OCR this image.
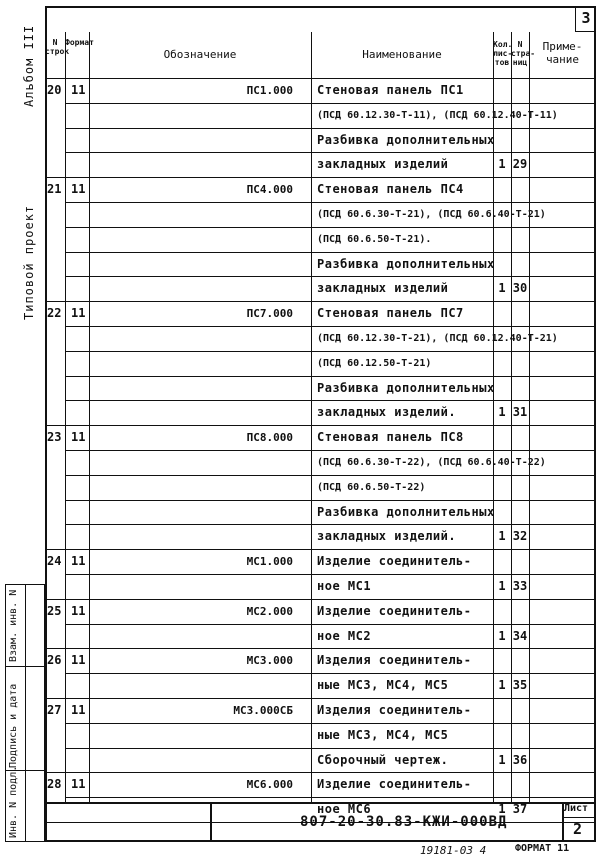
3
Альбом III
Типовой проект
Взам. инв. N
Подпись и дата
Инв. N подл.
N строк
Формат
Обозначение	Наименование
Кол. лис- тов
N стра- ниц
Приме- чание
20 11	ПС1.000 Стеновая панель ПС1
(ПСД 60.12.30-Т-11), (ПСД 60.12.40-Т-11)
Разбивка дополнительных
закладных изделий	1 29
21 11	ПС4.000 Стеновая панель ПС4
(ПСД 60.6.30-Т-21), (ПСД 60.6.40-Т-21)
(ПСД 60.6.50-Т-21).
Разбивка дополнительных
закладных изделий	1 30
22 11	ПС7.000 Стеновая панель ПС7
(ПСД 60.12.30-Т-21), (ПСД 60.12.40-Т-21)
(ПСД 60.12.50-Т-21)
Разбивка дополнительных
закладных изделий.	1 31
23 11	ПС8.000 Стеновая панель ПС8
(ПСД 60.6.30-Т-22), (ПСД 60.6.40-Т-22)
(ПСД 60.6.50-Т-22)
Разбивка дополнительных
закладных изделий.	1 32
24 11	МС1.000 Изделие соединитель-
ное МС1	1 33
25 11	МС2.000 Изделие соединитель-
ное МС2	1 34
26 11	МС3.000 Изделия соединитель-
ные МС3, МС4, МС5	1 35
27 11	МС3.000СБ Изделия соединитель-
ные МС3, МС4, МС5
Сборочный чертеж.	1 36
28 11	МС6.000 Изделие соединитель-
ное МС6	1 37
807-20-30.83-КЖИ-000ВД
Лист
2
19181-03 4	ФОРМАТ 11
